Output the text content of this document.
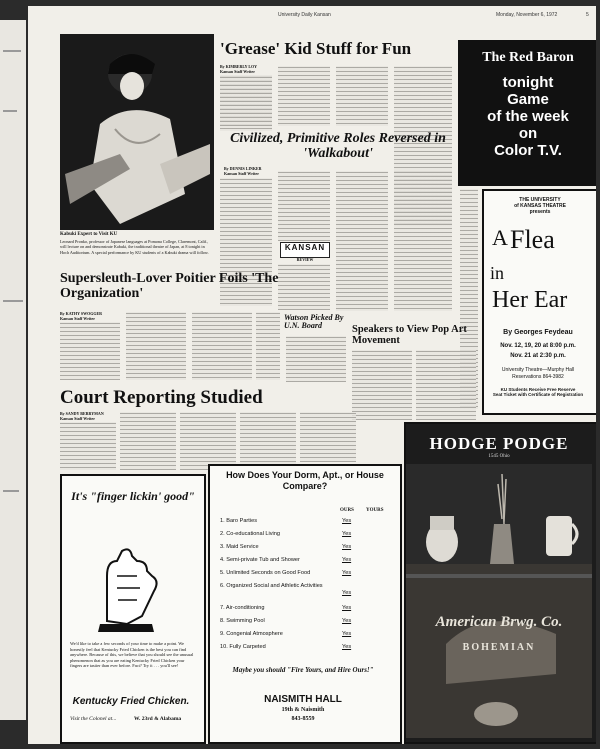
University Daily Kansan	Monday, November 6, 1972	5
Kabuki Expert to Visit KU
Leonard Pronko, professor of Japanese languages at Pomona College, Claremont, Calif., will lecture on and demonstrate Kabuki, the traditional theatre of Japan, at 8 tonight in Hoch Auditorium. A special performance by KU students of a Kabuki drama will follow.
'Grease' Kid Stuff for Fun
By KIMBERLY LOY
Kansan Staff Writer
Civilized, Primitive Roles Reversed in 'Walkabout'
By DENNIS LINKER
Kansan Staff Writer
KANSAN
REVIEW
The Red Baron
tonight
Game
of the week
on
Color T.V.
THE UNIVERSITY
of KANSAS THEATRE
presents
A Flea
in
Her Ear
By Georges Feydeau
Nov. 12, 19, 20 at 8:00 p.m.
Nov. 21 at 2:30 p.m.
University Theatre—Murphy Hall
Reservations 864-3982
KU Students Receive Free Reserve
Seat Ticket with Certificate of Registration
Supersleuth-Lover Poitier Foils 'The Organization'
By KATHY SWOGGER
Kansan Staff Writer	Watson Picked By U.N. Board	Speakers to View Pop Art Movement
Court Reporting Studied
By SANDY BERRYMAN
Kansan Staff Writer
It's "finger lickin' good"
We'd like to take a few seconds of your time to make a point. We honestly feel that Kentucky Fried Chicken is the best you can find anywhere. Because of this, we believe that you should see the unusual phenomenon that as you are eating Kentucky Fried Chicken your fingers are tastier than ever before. Fact? Try it . . . you'll see!
Kentucky Fried Chicken.
Visit the Colonel at...	W. 23rd & Alabama
How Does Your Dorm, Apt., or House Compare?
OURS YOURS
1. Baro Parties	Yes
2. Co-educational Living	Yes
3. Maid Service	Yes
4. Semi-private Tub and Shower	Yes
5. Unlimited Seconds on Good Food	Yes
6. Organized Social and Athletic Activities
Yes
7. Air-conditioning	Yes
8. Swimming Pool	Yes
9. Congenial Atmosphere	Yes
10. Fully Carpeted	Yes
Maybe you should "Fire Yours, and Hire Ours!"
NAISMITH HALL
19th & Naismith
843-8559
HODGE PODGE
1545 Ohio
American Brwg. Co.
BOHEMIAN
